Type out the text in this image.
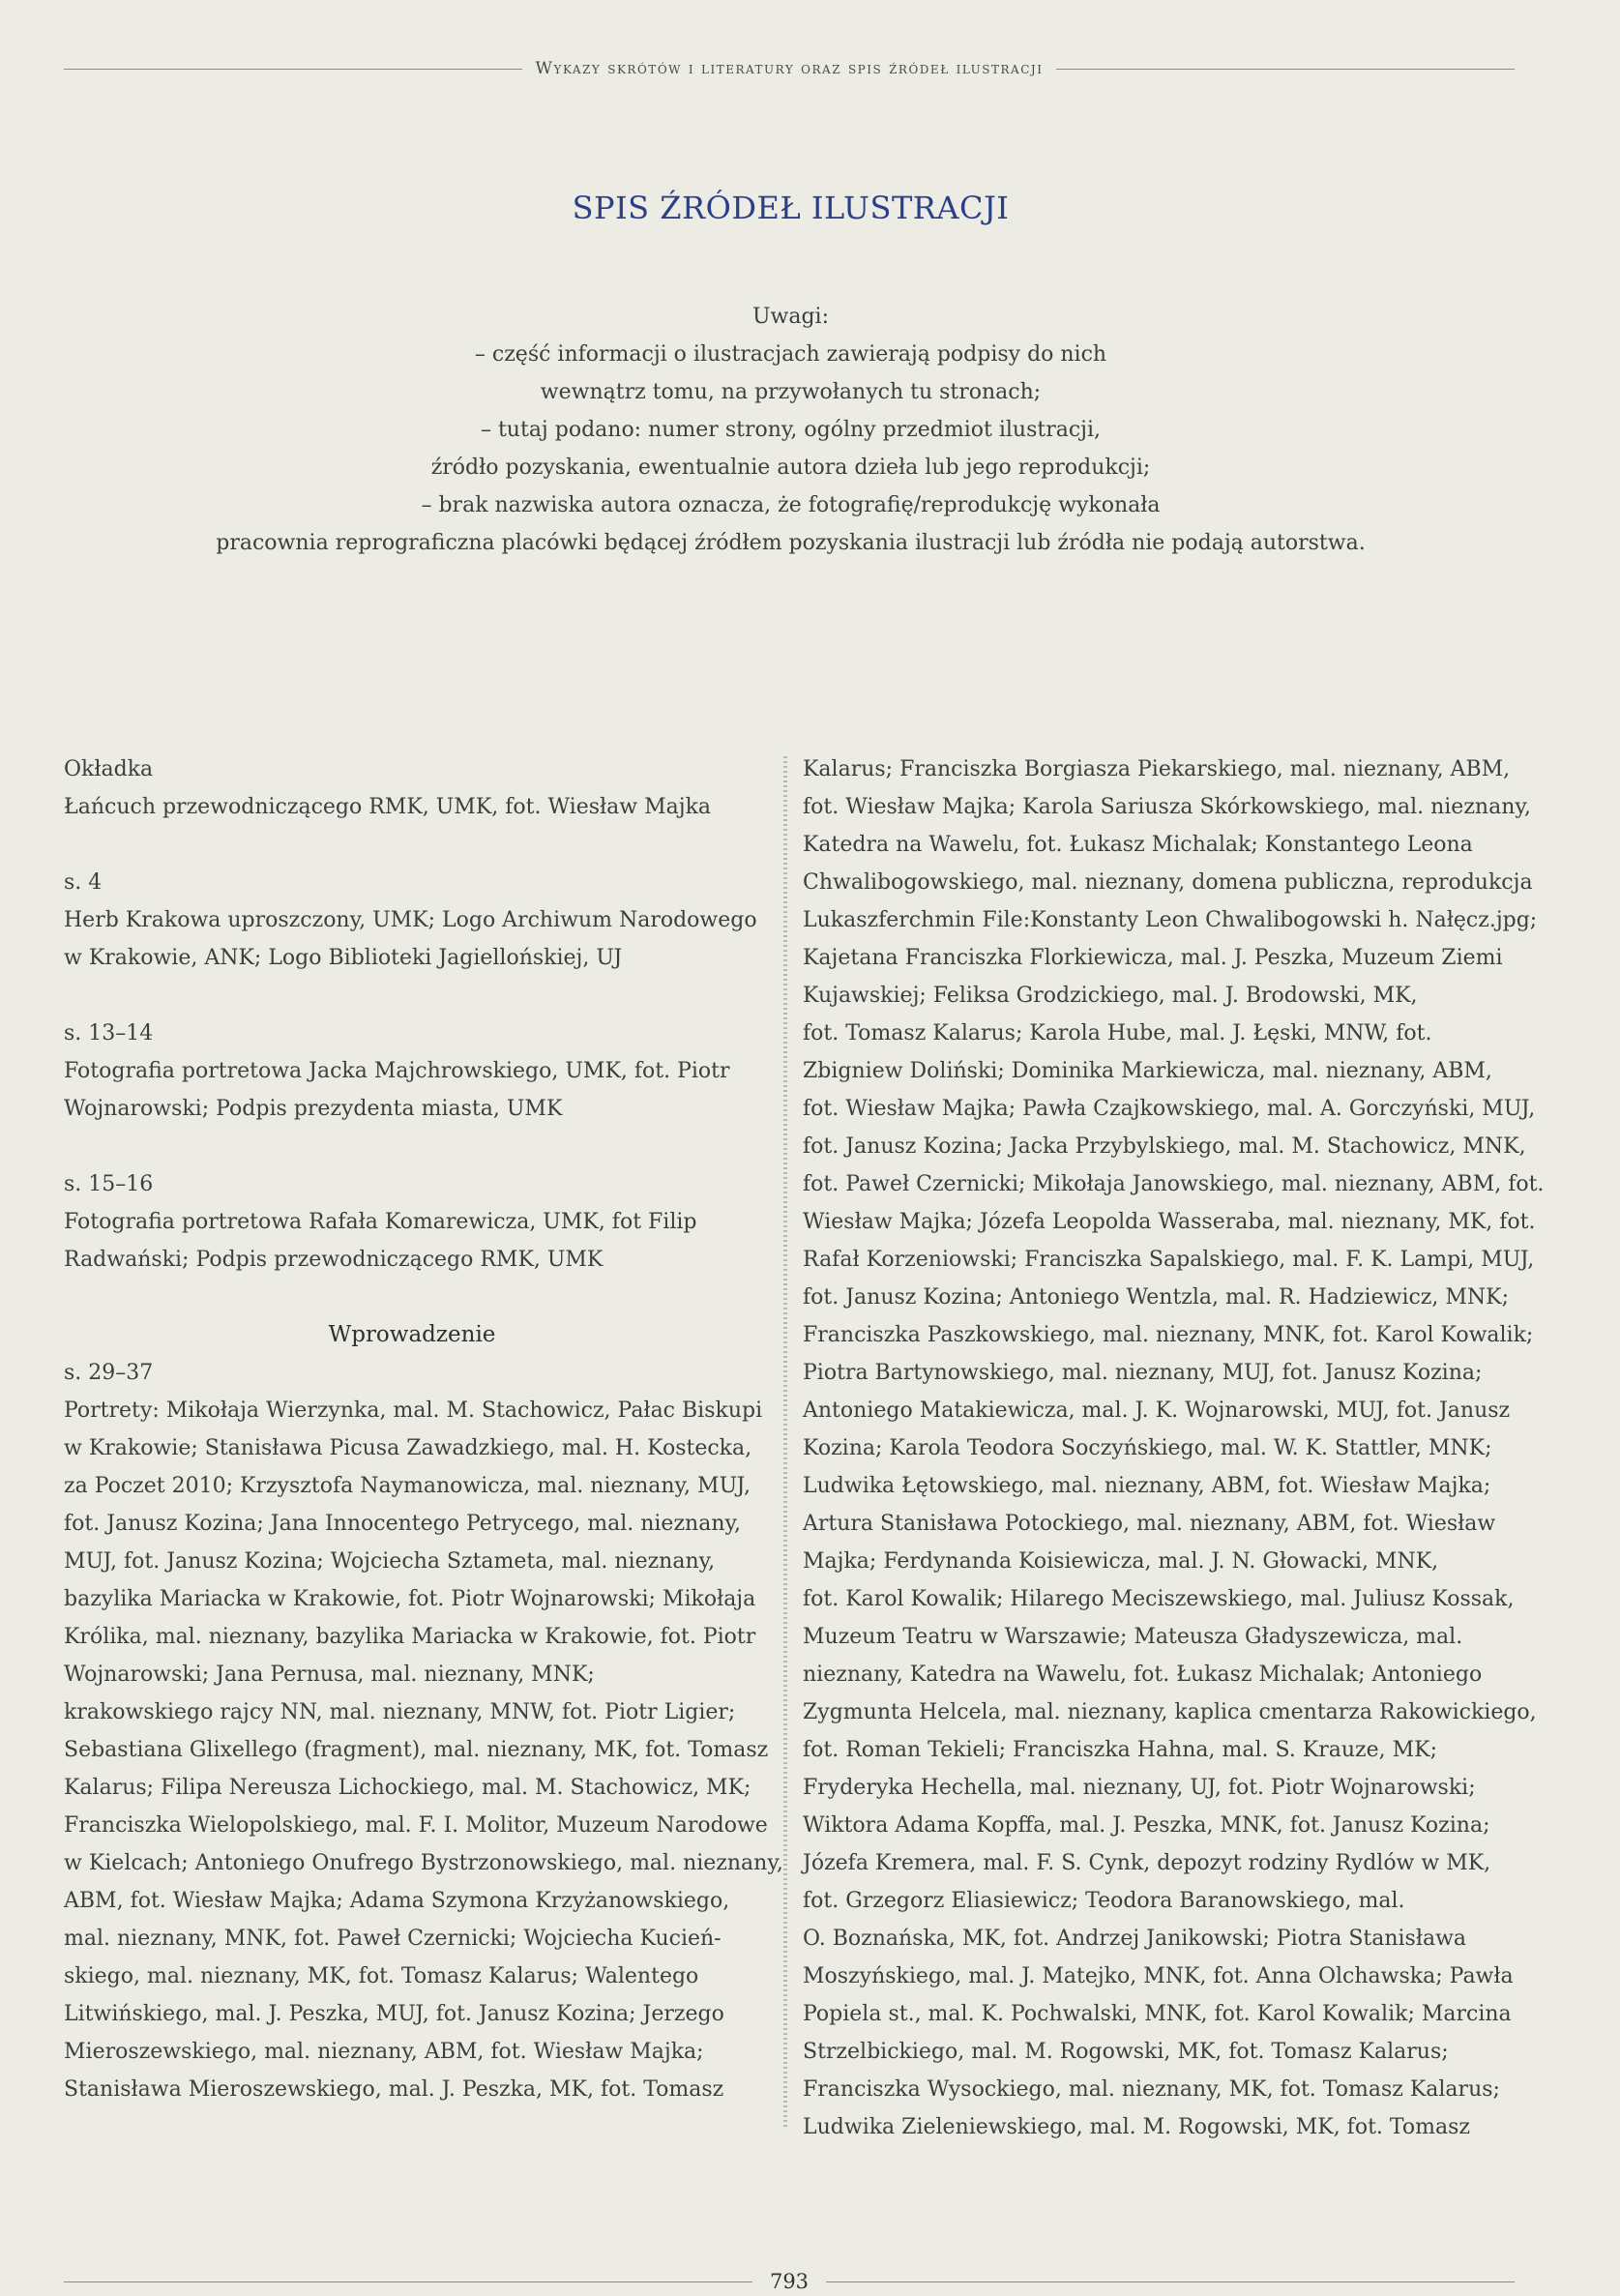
Wykazy skrótów i literatury oraz spis źródeł ilustracji
SPIS ŹRÓDEŁ ILUSTRACJI
Uwagi:
– część informacji o ilustracjach zawierają podpisy do nich
wewnątrz tomu, na przywołanych tu stronach;
– tutaj podano: numer strony, ogólny przedmiot ilustracji,
źródło pozyskania, ewentualnie autora dzieła lub jego reprodukcji;
– brak nazwiska autora oznacza, że fotografię/reprodukcję wykonała
pracownia reprograficzna placówki będącej źródłem pozyskania ilustracji lub źródła nie podają autorstwa.
Okładka
Łańcuch przewodniczącego RMK, UMK, fot. Wiesław Majka
s. 4
Herb Krakowa uproszczony, UMK; Logo Archiwum Narodowego
w Krakowie, ANK; Logo Biblioteki Jagiellońskiej, UJ
s. 13–14
Fotografia portretowa Jacka Majchrowskiego, UMK, fot. Piotr
Wojnarowski; Podpis prezydenta miasta, UMK
s. 15–16
Fotografia portretowa Rafała Komarewicza, UMK, fot Filip
Radwański; Podpis przewodniczącego RMK, UMK
Wprowadzenie
s. 29–37
Portrety: Mikołaja Wierzynka, mal. M. Stachowicz, Pałac Biskupi
w Krakowie; Stanisława Picusa Zawadzkiego, mal. H. Kostecka,
za Poczet 2010; Krzysztofa Naymanowicza, mal. nieznany, MUJ,
fot. Janusz Kozina; Jana Innocentego Petrycego, mal. nieznany,
MUJ, fot. Janusz Kozina; Wojciecha Sztameta, mal. nieznany,
bazylika Mariacka w Krakowie, fot. Piotr Wojnarowski; Mikołaja
Królika, mal. nieznany, bazylika Mariacka w Krakowie, fot. Piotr
Wojnarowski; Jana Pernusa, mal. nieznany, MNK;
krakowskiego rajcy NN, mal. nieznany, MNW, fot. Piotr Ligier;
Sebastiana Glixellego (fragment), mal. nieznany, MK, fot. Tomasz
Kalarus; Filipa Nereusza Lichockiego, mal. M. Stachowicz, MK;
Franciszka Wielopolskiego, mal. F. I. Molitor, Muzeum Narodowe
w Kielcach; Antoniego Onufrego Bystrzonowskiego, mal. nieznany,
ABM, fot. Wiesław Majka; Adama Szymona Krzyżanowskiego,
mal. nieznany, MNK, fot. Paweł Czernicki; Wojciecha Kucień-
skiego, mal. nieznany, MK, fot. Tomasz Kalarus; Walentego
Litwińskiego, mal. J. Peszka, MUJ, fot. Janusz Kozina; Jerzego
Mieroszewskiego, mal. nieznany, ABM, fot. Wiesław Majka;
Stanisława Mieroszewskiego, mal. J. Peszka, MK, fot. Tomasz
Kalarus; Franciszka Borgiasza Piekarskiego, mal. nieznany, ABM,
fot. Wiesław Majka; Karola Sariusza Skórkowskiego, mal. nieznany,
Katedra na Wawelu, fot. Łukasz Michalak; Konstantego Leona
Chwalibogowskiego, mal. nieznany, domena publiczna, reprodukcja
Lukaszferchmin File:Konstanty Leon Chwalibogowski h. Nałęcz.jpg;
Kajetana Franciszka Florkiewicza, mal. J. Peszka, Muzeum Ziemi
Kujawskiej; Feliksa Grodzickiego, mal. J. Brodowski, MK,
fot. Tomasz Kalarus; Karola Hube, mal. J. Łęski, MNW, fot.
Zbigniew Doliński; Dominika Markiewicza, mal. nieznany, ABM,
fot. Wiesław Majka; Pawła Czajkowskiego, mal. A. Gorczyński, MUJ,
fot. Janusz Kozina; Jacka Przybylskiego, mal. M. Stachowicz, MNK,
fot. Paweł Czernicki; Mikołaja Janowskiego, mal. nieznany, ABM, fot.
Wiesław Majka; Józefa Leopolda Wasseraba, mal. nieznany, MK, fot.
Rafał Korzeniowski; Franciszka Sapalskiego, mal. F. K. Lampi, MUJ,
fot. Janusz Kozina; Antoniego Wentzla, mal. R. Hadziewicz, MNK;
Franciszka Paszkowskiego, mal. nieznany, MNK, fot. Karol Kowalik;
Piotra Bartynowskiego, mal. nieznany, MUJ, fot. Janusz Kozina;
Antoniego Matakiewicza, mal. J. K. Wojnarowski, MUJ, fot. Janusz
Kozina; Karola Teodora Soczyńskiego, mal. W. K. Stattler, MNK;
Ludwika Łętowskiego, mal. nieznany, ABM, fot. Wiesław Majka;
Artura Stanisława Potockiego, mal. nieznany, ABM, fot. Wiesław
Majka; Ferdynanda Koisiewicza, mal. J. N. Głowacki, MNK,
fot. Karol Kowalik; Hilarego Meciszewskiego, mal. Juliusz Kossak,
Muzeum Teatru w Warszawie; Mateusza Gładyszewicza, mal.
nieznany, Katedra na Wawelu, fot. Łukasz Michalak; Antoniego
Zygmunta Helcela, mal. nieznany, kaplica cmentarza Rakowickiego,
fot. Roman Tekieli; Franciszka Hahna, mal. S. Krauze, MK;
Fryderyka Hechella, mal. nieznany, UJ, fot. Piotr Wojnarowski;
Wiktora Adama Kopffa, mal. J. Peszka, MNK, fot. Janusz Kozina;
Józefa Kremera, mal. F. S. Cynk, depozyt rodziny Rydlów w MK,
fot. Grzegorz Eliasiewicz; Teodora Baranowskiego, mal.
O. Boznańska, MK, fot. Andrzej Janikowski; Piotra Stanisława
Moszyńskiego, mal. J. Matejko, MNK, fot. Anna Olchawska; Pawła
Popiela st., mal. K. Pochwalski, MNK, fot. Karol Kowalik; Marcina
Strzelbickiego, mal. M. Rogowski, MK, fot. Tomasz Kalarus;
Franciszka Wysockiego, mal. nieznany, MK, fot. Tomasz Kalarus;
Ludwika Zieleniewskiego, mal. M. Rogowski, MK, fot. Tomasz
793
